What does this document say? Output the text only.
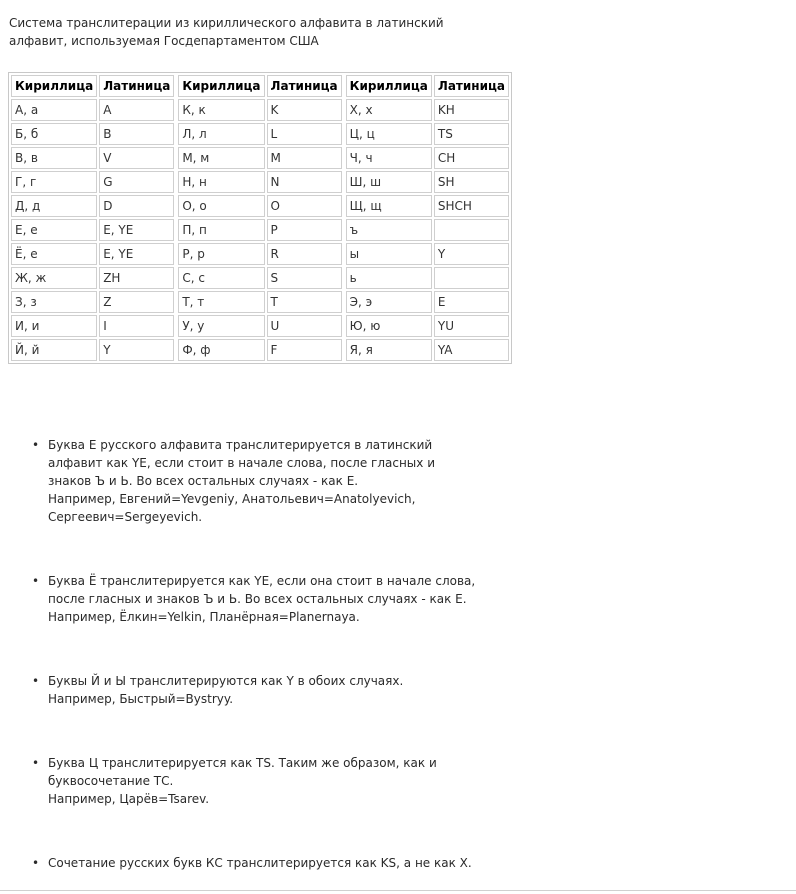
Система транслитерации из кириллического алфавита в латинский
алфавит, используемая Госдепартаментом США

Кириллица	Латиница		Кириллица	Латиница		Кириллица	Латиница
А, а	A		К, к	K		Х, х	KH
Б, б	B		Л, л	L		Ц, ц	TS
В, в	V		М, м	M		Ч, ч	CH
Г, г	G		Н, н	N		Ш, ш	SH
Д, д	D		О, о	O		Щ, щ	SHCH
Е, е	E, YE		П, п	P		ъ	
Ё, е	E, YE		Р, р	R		ы	Y
Ж, ж	ZH		С, с	S		ь	
З, з	Z		Т, т	T		Э, э	E
И, и	I		У, у	U		Ю, ю	YU
Й, й	Y		Ф, ф	F		Я, я	YA
• Буква Е русского алфавита транслитерируется в латинский
алфавит как YE, если стоит в начале слова, после гласных и
знаков Ъ и Ь. Во всех остальных случаях - как E.
Например, Евгений=Yevgeniy, Анатольевич=Anatolyevich,
Сергеевич=Sergeyevich.
• Буква Ё транслитерируется как YE, если она стоит в начале слова,
после гласных и знаков Ъ и Ь. Во всех остальных случаях - как E.
Например, Ёлкин=Yelkin, Планёрная=Planernaya.
• Буквы Й и Ы транслитерируются как Y в обоих случаях.
Например, Быстрый=Bystryy.
• Буква Ц транслитерируется как TS. Таким же образом, как и
буквосочетание ТС.
Например, Царёв=Tsarev.
• Сочетание русских букв КС транслитерируется как KS, а не как X.
